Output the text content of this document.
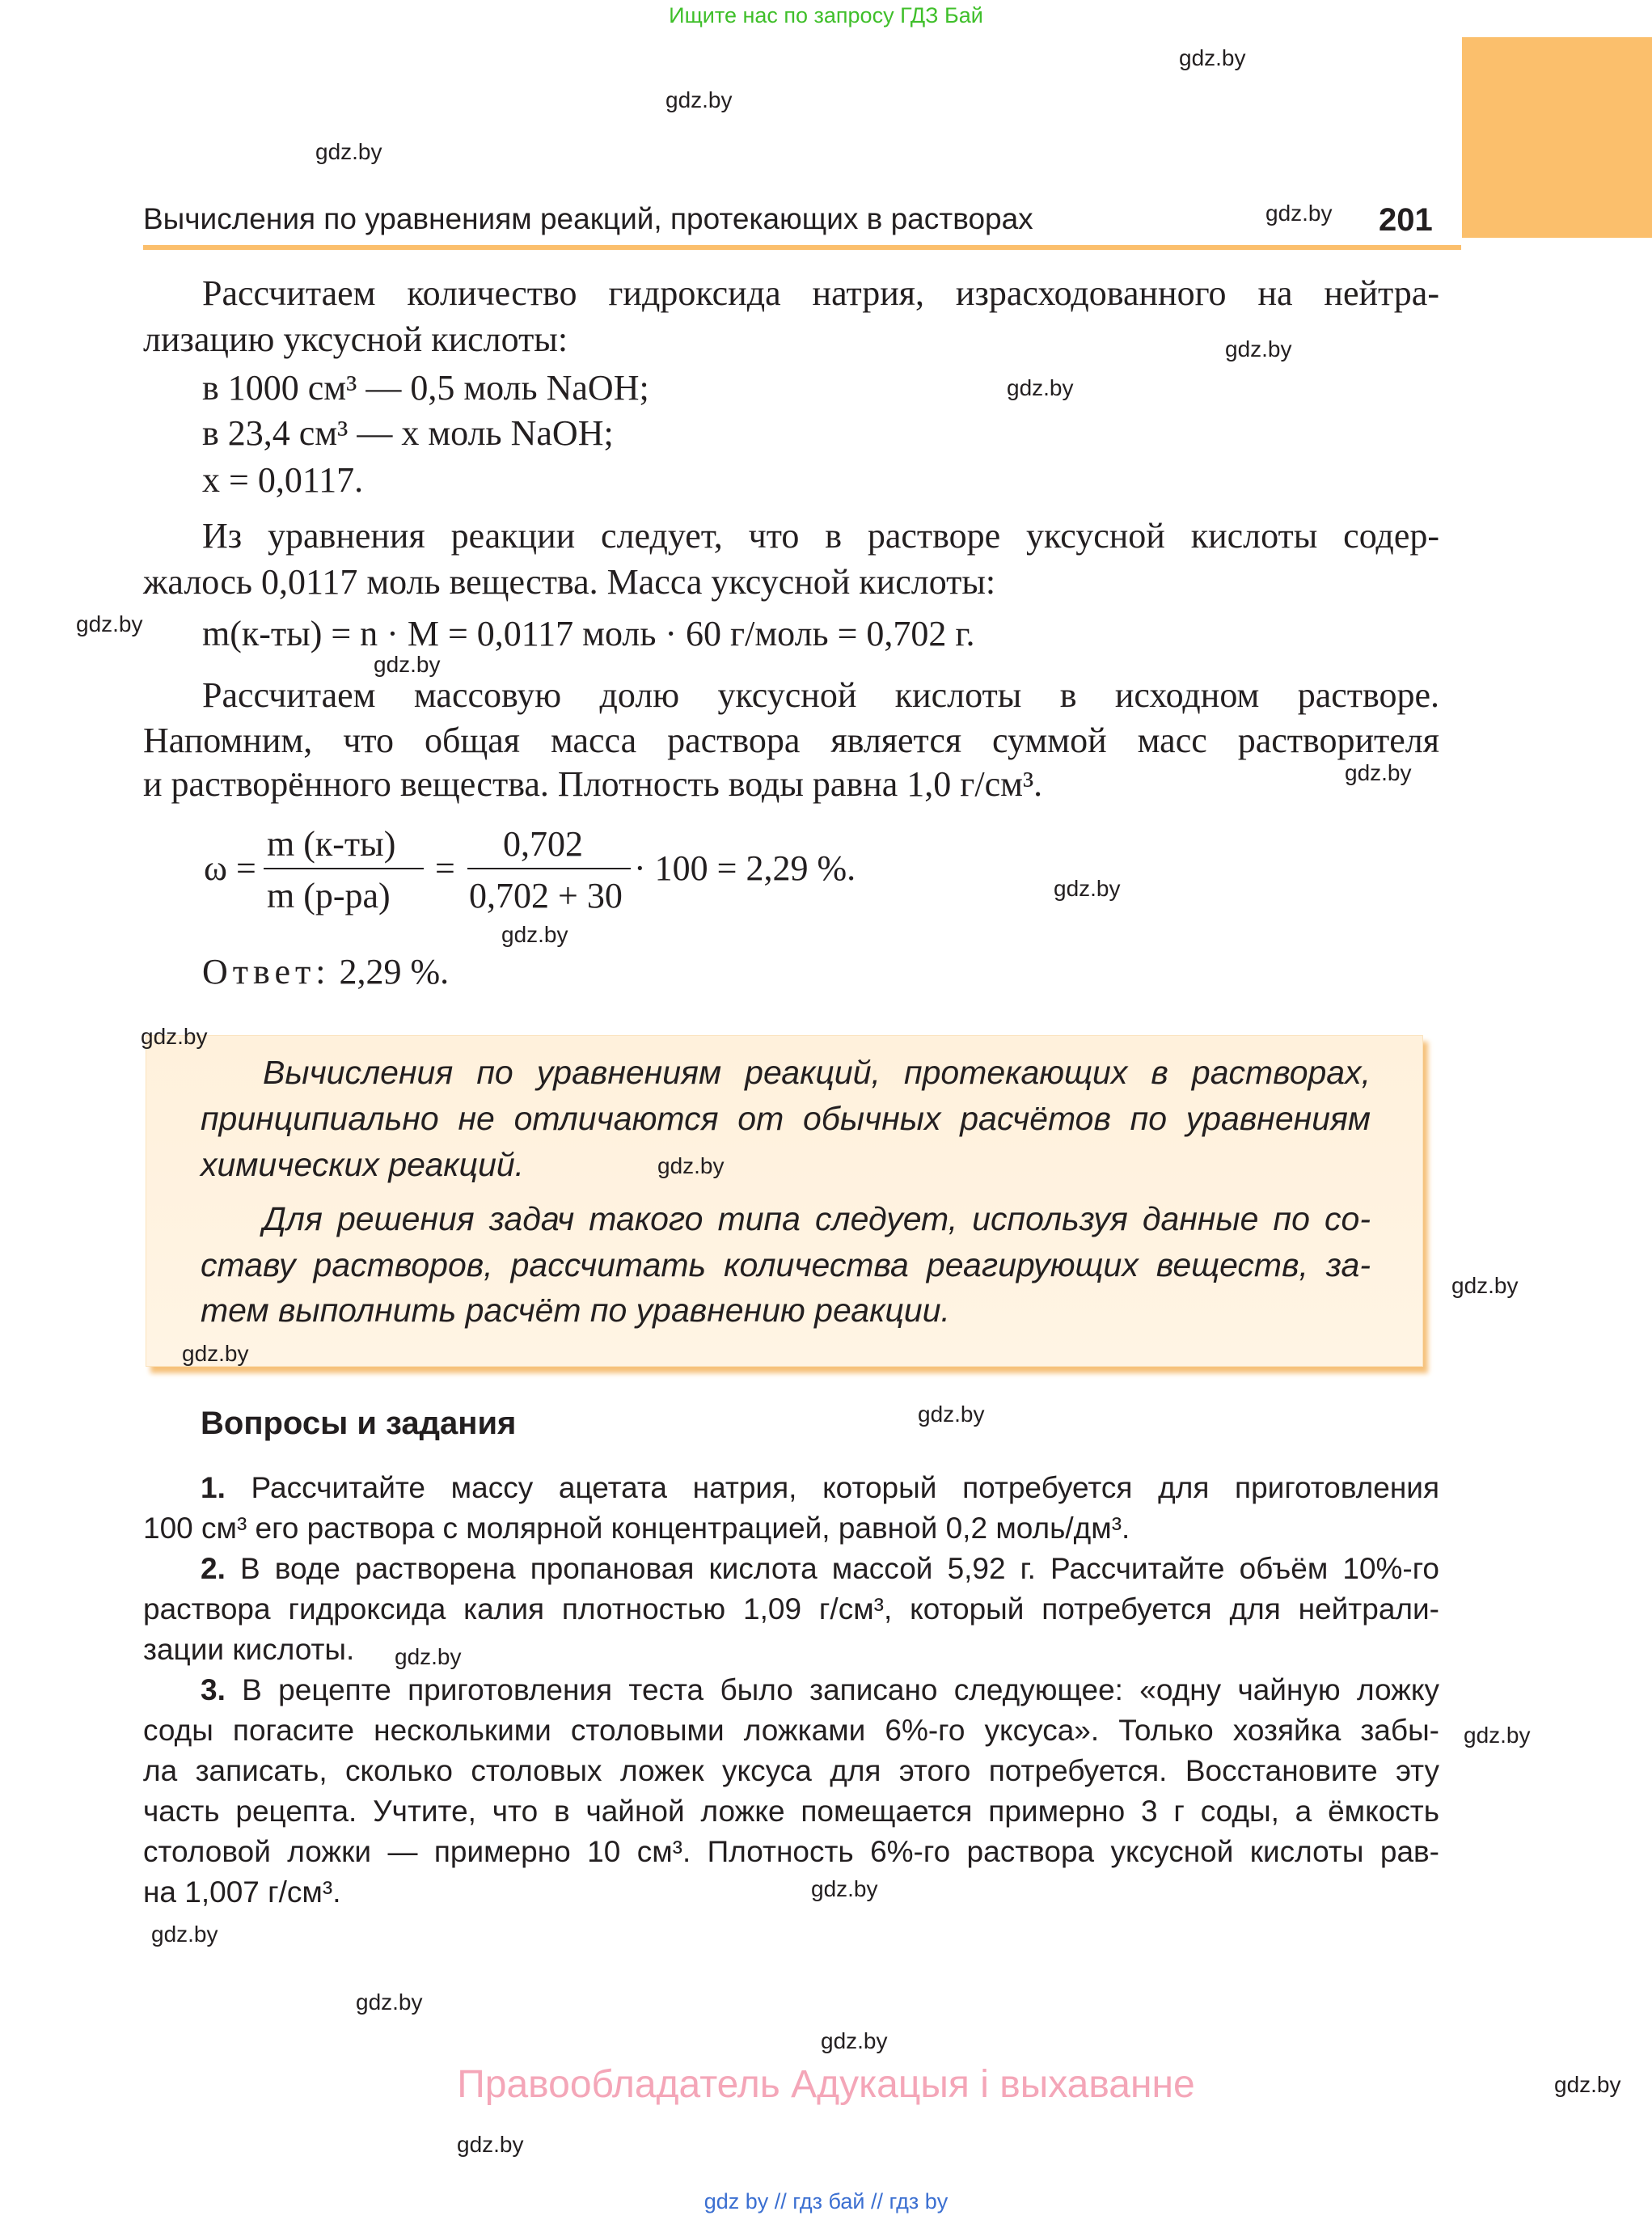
Ищите нас по запросу ГДЗ Бай
Вычисления по уравнениям реакций, протекающих в растворах	201
Рассчитаем количество гидроксида натрия, израсходованного на нейтра-
лизацию уксусной кислоты:
в 1000 см³ — 0,5 моль NaOH;
в 23,4 см³ — x моль NaOH;
x = 0,0117.
Из уравнения реакции следует, что в растворе уксусной кислоты содер-
жалось 0,0117 моль вещества. Масса уксусной кислоты:
m(к-ты) = n · M = 0,0117 моль · 60 г/моль = 0,702 г.
Рассчитаем массовую долю уксусной кислоты в исходном растворе.
Напомним, что общая масса раствора является суммой масс растворителя
и растворённого вещества. Плотность воды равна 1,0 г/см³.
ω =
m (к-ты)
m (р-ра)
=
0,702
0,702 + 30
· 100 = 2,29 %.
Ответ: 2,29 %.
Вычисления по уравнениям реакций, протекающих в растворах,
принципиально не отличаются от обычных расчётов по уравнениям
химических реакций.
Для решения задач такого типа следует, используя данные по со-
ставу растворов, рассчитать количества реагирующих веществ, за-
тем выполнить расчёт по уравнению реакции.
Вопросы и задания
1. Рассчитайте массу ацетата натрия, который потребуется для приготовления
100 см³ его раствора с молярной концентрацией, равной 0,2 моль/дм³.
2. В воде растворена пропановая кислота массой 5,92 г. Рассчитайте объём 10%-го
раствора гидроксида калия плотностью 1,09 г/см³, который потребуется для нейтрали-
зации кислоты.
3. В рецепте приготовления теста было записано следующее: «одну чайную ложку
соды погасите несколькими столовыми ложками 6%-го уксуса». Только хозяйка забы-
ла записать, сколько столовых ложек уксуса для этого потребуется. Восстановите эту
часть рецепта. Учтите, что в чайной ложке помещается примерно 3 г соды, а ёмкость
столовой ложки — примерно 10 см³. Плотность 6%-го раствора уксусной кислоты рав-
на 1,007 г/см³.
gdz.by
gdz.by
gdz.by
gdz.by
gdz.by
gdz.by
gdz.by
gdz.by
gdz.by
gdz.by
gdz.by
gdz.by
gdz.by
gdz.by
gdz.by
gdz.by
gdz.by
gdz.by
gdz.by
gdz.by
gdz.by
gdz.by
gdz.by
gdz.by
Правообладатель Адукацыя і выхаванне
gdz by // гдз бай // гдз by
